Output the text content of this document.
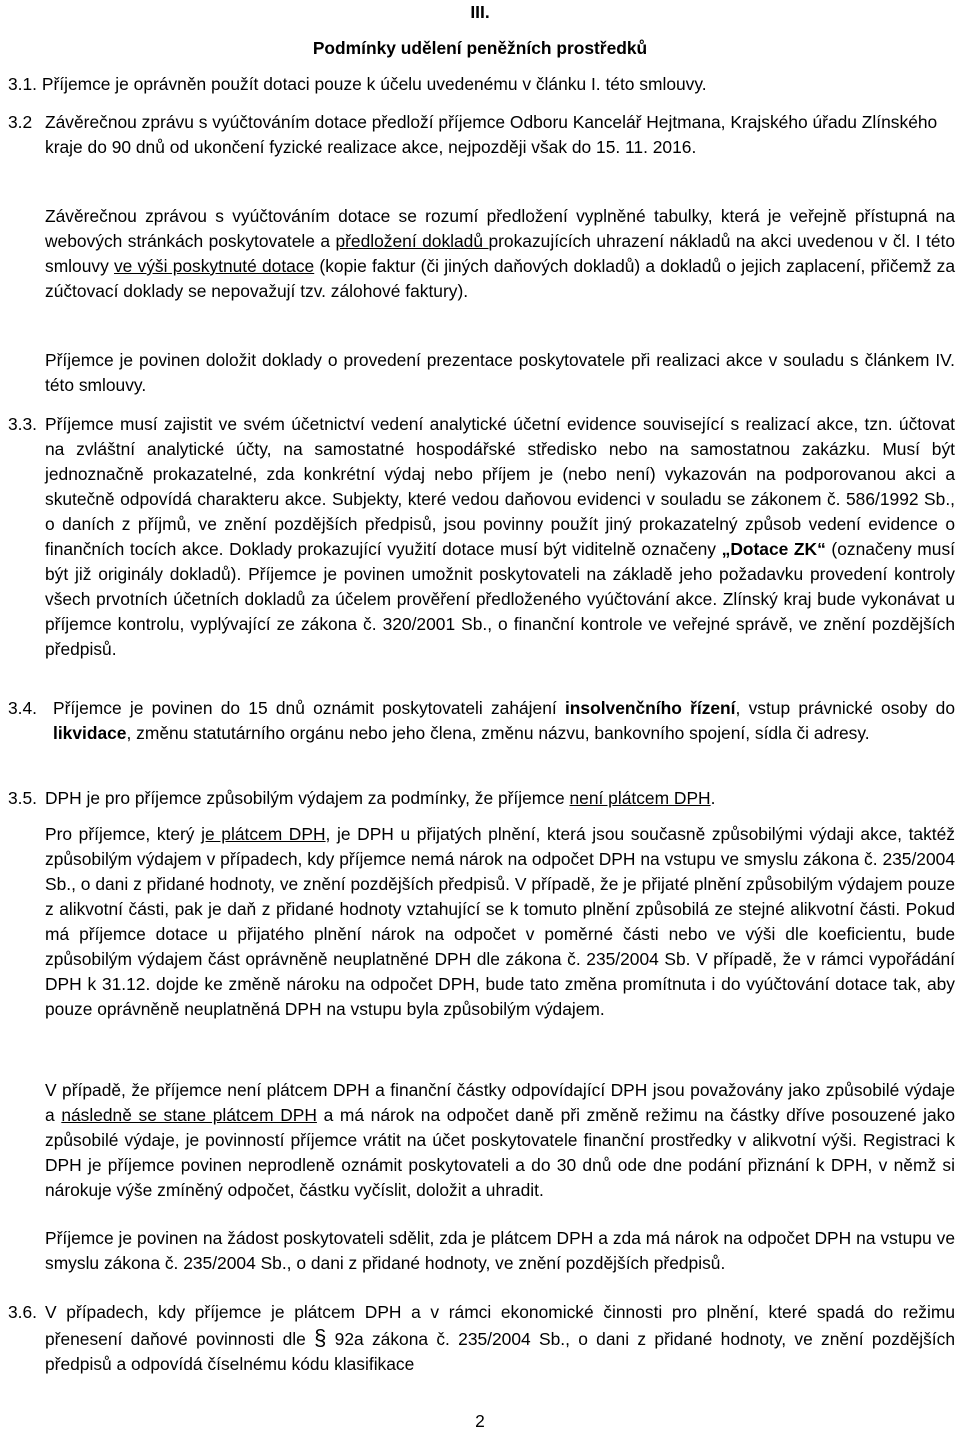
III.
Podmínky udělení peněžních prostředků
3.1. Příjemce je oprávněn použít dotaci pouze k účelu uvedenému v článku I. této smlouvy.
3.2 Závěrečnou zprávu s vyúčtováním dotace předloží příjemce Odboru Kancelář Hejtmana, Krajského úřadu Zlínského kraje do 90 dnů od ukončení fyzické realizace akce, nejpozději však do 15. 11. 2016.
Závěrečnou zprávou s vyúčtováním dotace se rozumí předložení vyplněné tabulky, která je veřejně přístupná na webových stránkách poskytovatele a předložení dokladů prokazujících uhrazení nákladů na akci uvedenou v čl. I této smlouvy ve výši poskytnuté dotace (kopie faktur (či jiných daňových dokladů) a dokladů o jejich zaplacení, přičemž za zúčtovací doklady se nepovažují tzv. zálohové faktury).
Příjemce je povinen doložit doklady o provedení prezentace poskytovatele při realizaci akce v souladu s článkem IV. této smlouvy.
3.3. Příjemce musí zajistit ve svém účetnictví vedení analytické účetní evidence související s realizací akce, tzn. účtovat na zvláštní analytické účty, na samostatné hospodářské středisko nebo na samostatnou zakázku. Musí být jednoznačně prokazatelné, zda konkrétní výdaj nebo příjem je (nebo není) vykazován na podporovanou akci a skutečně odpovídá charakteru akce. Subjekty, které vedou daňovou evidenci v souladu se zákonem č. 586/1992 Sb., o daních z příjmů, ve znění pozdějších předpisů, jsou povinny použít jiný prokazatelný způsob vedení evidence o finančních tocích akce. Doklady prokazující využití dotace musí být viditelně označeny „Dotace ZK“ (označeny musí být již originály dokladů). Příjemce je povinen umožnit poskytovateli na základě jeho požadavku provedení kontroly všech prvotních účetních dokladů za účelem prověření předloženého vyúčtování akce. Zlínský kraj bude vykonávat u příjemce kontrolu, vyplývající ze zákona č. 320/2001 Sb., o finanční kontrole ve veřejné správě, ve znění pozdějších předpisů.
3.4. Příjemce je povinen do 15 dnů oznámit poskytovateli zahájení insolvenčního řízení, vstup právnické osoby do likvidace, změnu statutárního orgánu nebo jeho člena, změnu názvu, bankovního spojení, sídla či adresy.
3.5. DPH je pro příjemce způsobilým výdajem za podmínky, že příjemce není plátcem DPH.
Pro příjemce, který je plátcem DPH, je DPH u přijatých plnění, která jsou současně způsobilými výdaji akce, taktéž způsobilým výdajem v případech, kdy příjemce nemá nárok na odpočet DPH na vstupu ve smyslu zákona č. 235/2004 Sb., o dani z přidané hodnoty, ve znění pozdějších předpisů. V případě, že je přijaté plnění způsobilým výdajem pouze z alikvotní části, pak je daň z přidané hodnoty vztahující se k tomuto plnění způsobilá ze stejné alikvotní části. Pokud má příjemce dotace u přijatého plnění nárok na odpočet v poměrné části nebo ve výši dle koeficientu, bude způsobilým výdajem část oprávněně neuplatněné DPH dle zákona č. 235/2004 Sb. V případě, že v rámci vypořádání DPH k 31.12. dojde ke změně nároku na odpočet DPH, bude tato změna promítnuta i do vyúčtování dotace tak, aby pouze oprávněně neuplatněná DPH na vstupu byla způsobilým výdajem.
V případě, že příjemce není plátcem DPH a finanční částky odpovídající DPH jsou považovány jako způsobilé výdaje a následně se stane plátcem DPH a má nárok na odpočet daně při změně režimu na částky dříve posouzené jako způsobilé výdaje, je povinností příjemce vrátit na účet poskytovatele finanční prostředky v alikvotní výši. Registraci k DPH je příjemce povinen neprodleně oznámit poskytovateli a do 30 dnů ode dne podání přiznání k DPH, v němž si nárokuje výše zmíněný odpočet, částku vyčíslit, doložit a uhradit.
Příjemce je povinen na žádost poskytovateli sdělit, zda je plátcem DPH a zda má nárok na odpočet DPH na vstupu ve smyslu zákona č. 235/2004 Sb., o dani z přidané hodnoty, ve znění pozdějších předpisů.
3.6. V případech, kdy příjemce je plátcem DPH a v rámci ekonomické činnosti pro plnění, které spadá do režimu přenesení daňové povinnosti dle § 92a zákona č. 235/2004 Sb., o dani z přidané hodnoty, ve znění pozdějších předpisů a odpovídá číselnému kódu klasifikace
2
